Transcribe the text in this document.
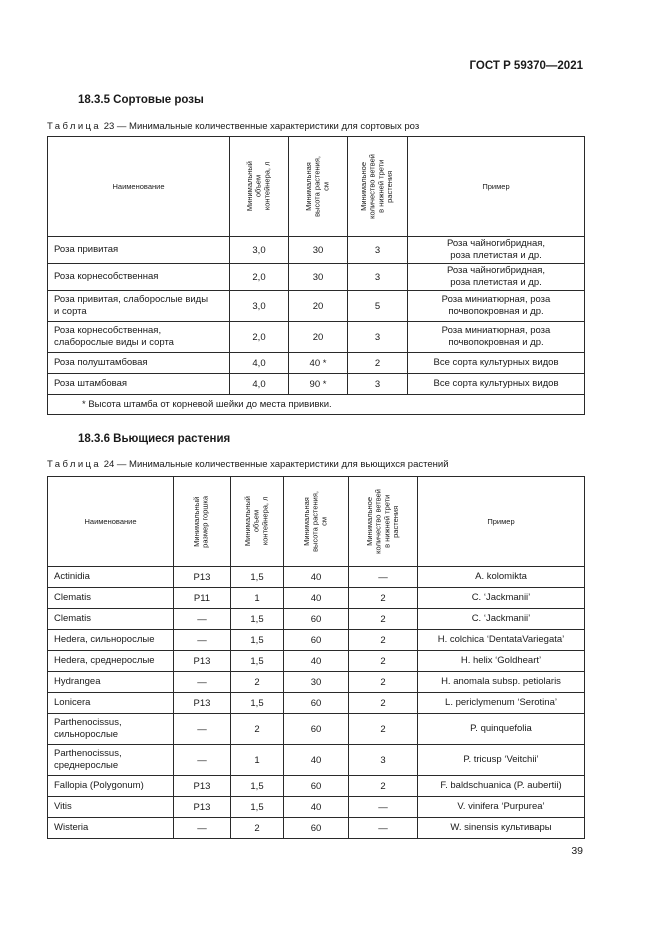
ГОСТ Р 59370—2021
18.3.5 Сортовые розы
Таблица 23 — Минимальные количественные характеристики для сортовых роз
Наименование	Минимальный
объем
контейнера, л	Минимальная
высота растения,
см	Минимальное
количество ветвей
в нижней трети
растения	Пример
Роза привитая	3,0	30	3	Роза чайногибридная,
роза плетистая и др.
Роза корнесобственная	2,0	30	3	Роза чайногибридная,
роза плетистая и др.
Роза привитая, слаборослые виды
и сорта	3,0	20	5	Роза миниатюрная, роза
почвопокровная и др.
Роза корнесобственная,
слаборослые виды и сорта	2,0	20	3	Роза миниатюрная, роза
почвопокровная и др.
Роза полуштамбовая	4,0	40 *	2	Все сорта культурных видов
Роза штамбовая	4,0	90 *	3	Все сорта культурных видов
* Высота штамба от корневой шейки до места прививки.				
18.3.6 Вьющиеся растения
Таблица 24 — Минимальные количественные характеристики для вьющихся растений
Наименование	Минимальный
размер горшка	Минимальный
объем
контейнера, л	Минимальная
высота растения,
см	Минимальное
количество ветвей
в нижней трети
растения	Пример
Actinidia	P13	1,5	40	—	A. kolomikta
Clematis	P11	1	40	2	C. ‘Jackmanii’
Clematis	—	1,5	60	2	C. ‘Jackmanii’
Hedera, сильнорослые	—	1,5	60	2	H. colchica ‘DentataVariegata’
Hedera, среднерослые	P13	1,5	40	2	H. helix ‘Goldheart’
Hydrangea	—	2	30	2	H. anomala subsp. petiolaris
Lonicera	P13	1,5	60	2	L. periclymenum ‘Serotina’
Parthenocissus,
сильнорослые	—	2	60	2	P. quinquefolia
Parthenocissus,
среднерослые	—	1	40	3	P. tricusp ‘Veitchii’
Fallopia (Polygonum)	P13	1,5	60	2	F. baldschuanica (P. aubertii)
Vitis	P13	1,5	40	—	V. vinifera ‘Purpurea’
Wisteria	—	2	60	—	W. sinensis культивары
39
